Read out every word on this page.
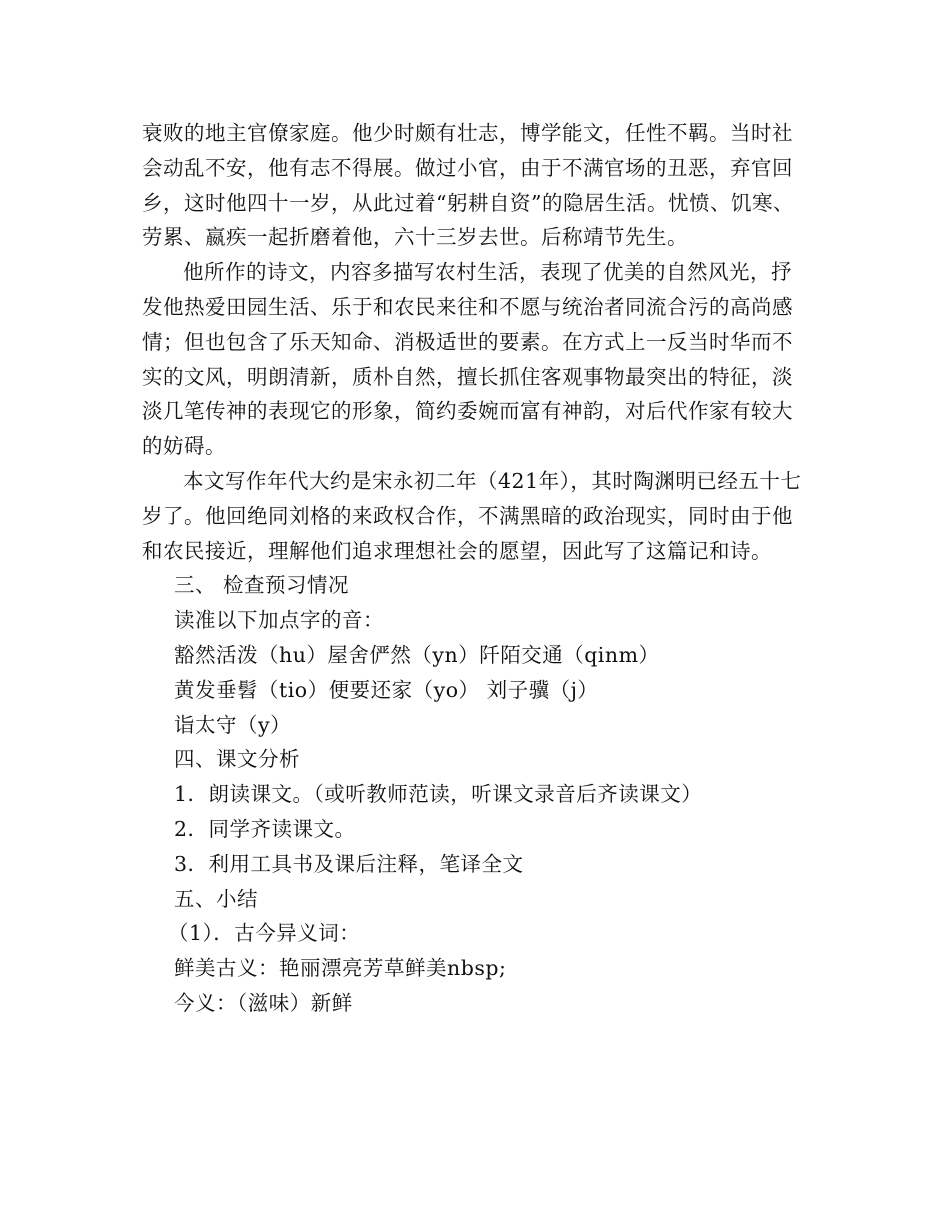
衰败的地主官僚家庭。他少时颇有壮志，博学能文，任性不羁。当时社会动乱不安，他有志不得展。做过小官，由于不满官场的丑恶，弃官回乡，这时他四十一岁，从此过着“躬耕自资”的隐居生活。忧愤、饥寒、劳累、嬴疾一起折磨着他，六十三岁去世。后称靖节先生。

他所作的诗文，内容多描写农村生活，表现了优美的自然风光，抒发他热爱田园生活、乐于和农民来往和不愿与统治者同流合污的高尚感情；但也包含了乐天知命、消极适世的要素。在方式上一反当时华而不实的文风，明朗清新，质朴自然，擅长抓住客观事物最突出的特征，淡淡几笔传神的表现它的形象，简约委婉而富有神韵，对后代作家有较大的妨碍。

本文写作年代大约是宋永初二年（421年），其时陶渊明已经五十七岁了。他回绝同刘格的来政权合作，不满黑暗的政治现实，同时由于他和农民接近，理解他们追求理想社会的愿望，因此写了这篇记和诗。

三、 检查预习情况

读准以下加点字的音：

豁然活泼（hu）屋舍俨然（yn）阡陌交通（qinm）

黄发垂髫（tio）便要还家（yo） 刘子骥（j）

诣太守（y）

四、课文分析

1．朗读课文。（或听教师范读，听课文录音后齐读课文）

2．同学齐读课文。

3．利用工具书及课后注释，笔译全文

五、小结

（1）．古今异义词：

鲜美古义：艳丽漂亮芳草鲜美nbsp;

今义：（滋味）新鲜
